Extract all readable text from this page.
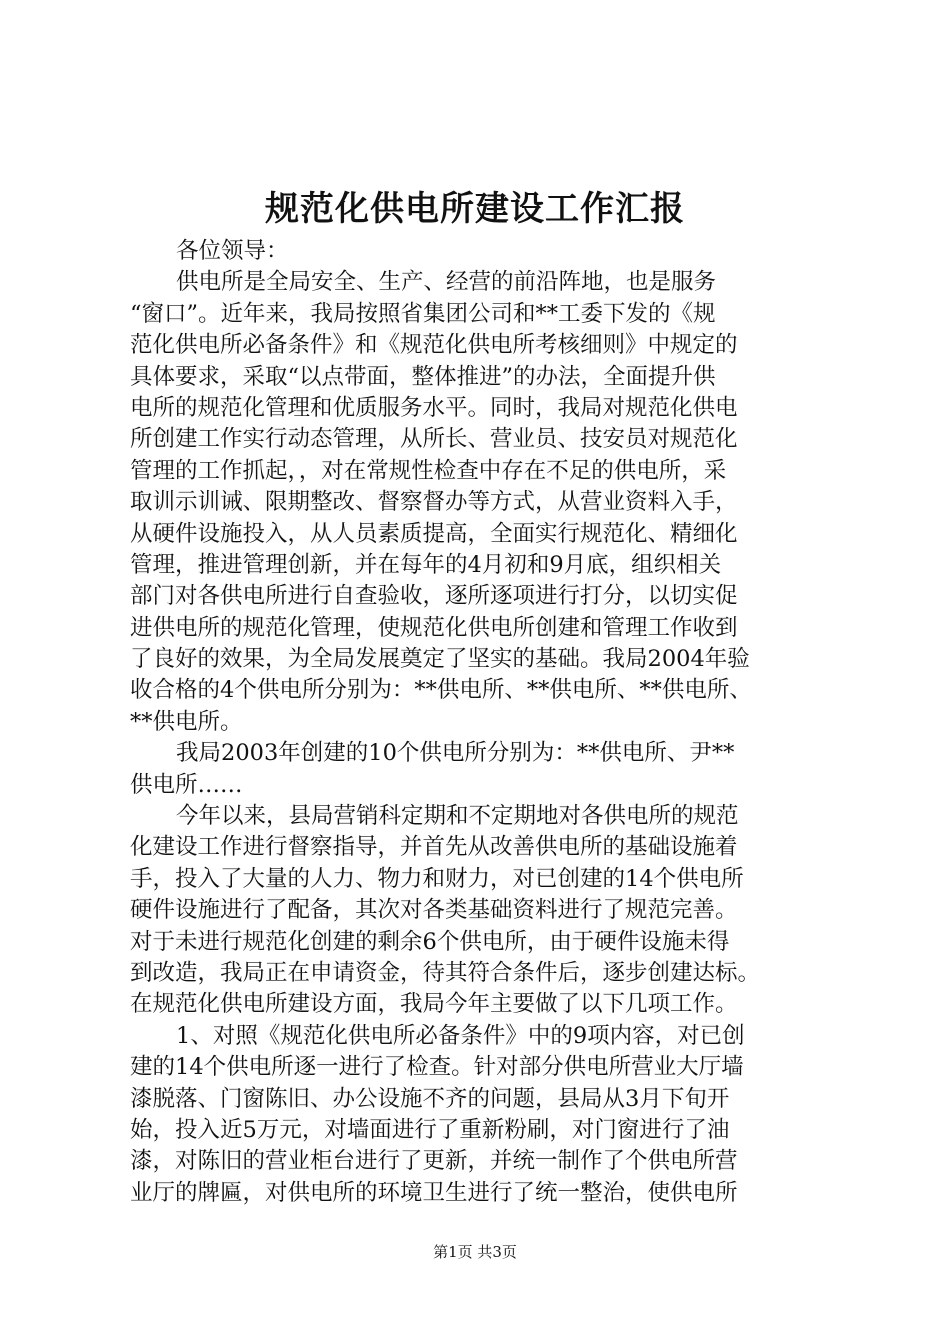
规范化供电所建设工作汇报
各位领导：
供电所是全局安全、生产、经营的前沿阵地，也是服务
“窗口”。近年来，我局按照省集团公司和**工委下发的《规
范化供电所必备条件》和《规范化供电所考核细则》中规定的
具体要求，采取“以点带面，整体推进”的办法，全面提升供
电所的规范化管理和优质服务水平。同时，我局对规范化供电
所创建工作实行动态管理，从所长、营业员、技安员对规范化
管理的工作抓起，，对在常规性检查中存在不足的供电所，采
取训示训诫、限期整改、督察督办等方式，从营业资料入手，
从硬件设施投入，从人员素质提高，全面实行规范化、精细化
管理，推进管理创新，并在每年的4月初和9月底，组织相关
部门对各供电所进行自查验收，逐所逐项进行打分，以切实促
进供电所的规范化管理，使规范化供电所创建和管理工作收到
了良好的效果，为全局发展奠定了坚实的基础。我局2004年验
收合格的4个供电所分别为：**供电所、**供电所、**供电所、
**供电所。
我局2003年创建的10个供电所分别为：**供电所、尹**
供电所……
今年以来，县局营销科定期和不定期地对各供电所的规范
化建设工作进行督察指导，并首先从改善供电所的基础设施着
手，投入了大量的人力、物力和财力，对已创建的14个供电所
硬件设施进行了配备，其次对各类基础资料进行了规范完善。
对于未进行规范化创建的剩余6个供电所，由于硬件设施未得
到改造，我局正在申请资金，待其符合条件后，逐步创建达标。
在规范化供电所建设方面，我局今年主要做了以下几项工作。
1、对照《规范化供电所必备条件》中的9项内容，对已创
建的14个供电所逐一进行了检查。针对部分供电所营业大厅墙
漆脱落、门窗陈旧、办公设施不齐的问题，县局从3月下旬开
始，投入近5万元，对墙面进行了重新粉刷，对门窗进行了油
漆，对陈旧的营业柜台进行了更新，并统一制作了个供电所营
业厅的牌匾，对供电所的环境卫生进行了统一整治，使供电所
第1页 共3页
